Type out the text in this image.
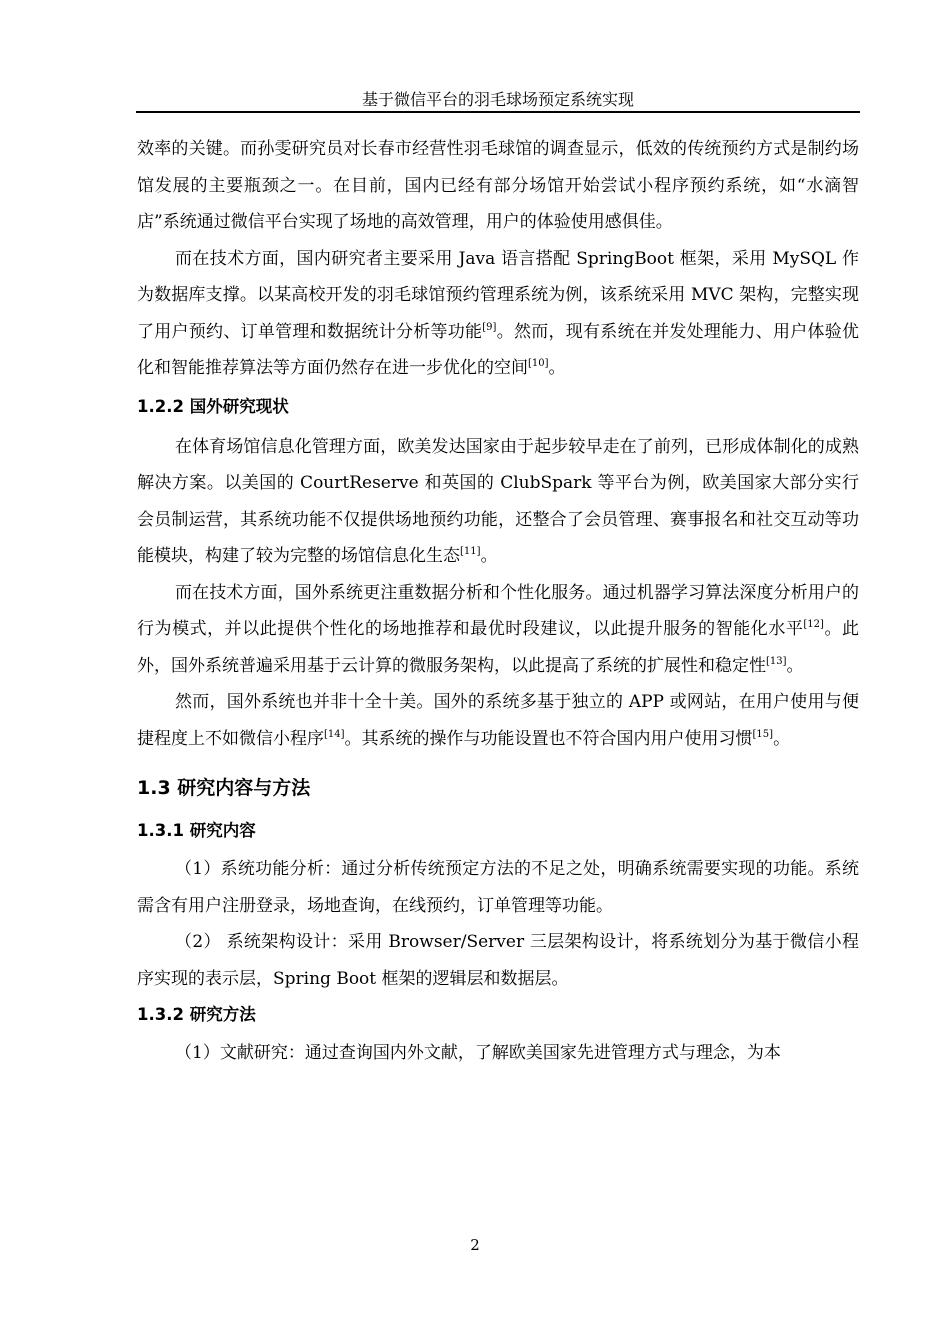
基于微信平台的羽毛球场预定系统实现

效率的关键。而孙雯研究员对长春市经营性羽毛球馆的调查显示，低效的传统预约方式是制约场馆发展的主要瓶颈之一。在目前，国内已经有部分场馆开始尝试小程序预约系统，如“水滴智店”系统通过微信平台实现了场地的高效管理，用户的体验使用感俱佳。

而在技术方面，国内研究者主要采用 Java 语言搭配 SpringBoot 框架，采用 MySQL 作为数据库支撑。以某高校开发的羽毛球馆预约管理系统为例，该系统采用 MVC 架构，完整实现了用户预约、订单管理和数据统计分析等功能[9]。然而，现有系统在并发处理能力、用户体验优化和智能推荐算法等方面仍然存在进一步优化的空间[10]。

1.2.2 国外研究现状

在体育场馆信息化管理方面，欧美发达国家由于起步较早走在了前列，已形成体制化的成熟解决方案。以美国的 CourtReserve 和英国的 ClubSpark 等平台为例，欧美国家大部分实行会员制运营，其系统功能不仅提供场地预约功能，还整合了会员管理、赛事报名和社交互动等功能模块，构建了较为完整的场馆信息化生态[11]。

而在技术方面，国外系统更注重数据分析和个性化服务。通过机器学习算法深度分析用户的行为模式，并以此提供个性化的场地推荐和最优时段建议，以此提升服务的智能化水平[12]。此外，国外系统普遍采用基于云计算的微服务架构，以此提高了系统的扩展性和稳定性[13]。

然而，国外系统也并非十全十美。国外的系统多基于独立的 APP 或网站，在用户使用与便捷程度上不如微信小程序[14]。其系统的操作与功能设置也不符合国内用户使用习惯[15]。

1.3 研究内容与方法
1.3.1 研究内容

（1）系统功能分析：通过分析传统预定方法的不足之处，明确系统需要实现的功能。系统需含有用户注册登录，场地查询，在线预约，订单管理等功能。

（2） 系统架构设计：采用 Browser/Server 三层架构设计，将系统划分为基于微信小程序实现的表示层，Spring Boot 框架的逻辑层和数据层。

1.3.2 研究方法

（1）文献研究：通过查询国内外文献，了解欧美国家先进管理方式与理念，为本

2
